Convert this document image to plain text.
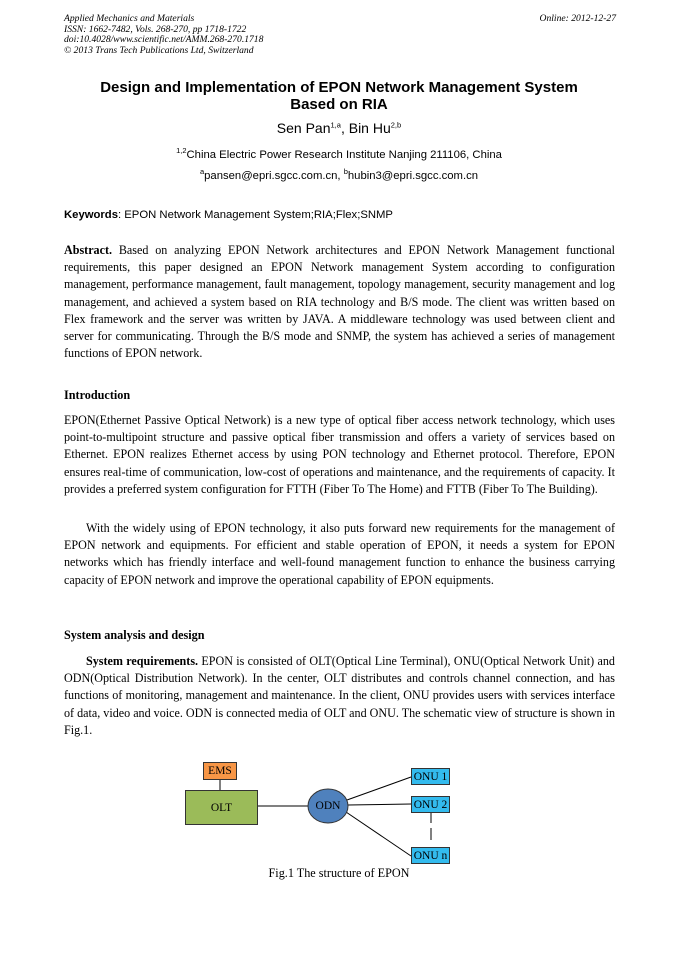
Applied Mechanics and Materials
ISSN: 1662-7482, Vols. 268-270, pp 1718-1722
doi:10.4028/www.scientific.net/AMM.268-270.1718
© 2013 Trans Tech Publications Ltd, Switzerland
Online: 2012-12-27
Design and Implementation of EPON Network Management System
Based on RIA
Sen Pan$^{1,a}$, Bin Hu$^{2,b}$
$^{1,2}$China Electric Power Research Institute Nanjing 211106, China
$^a$pansen@epri.sgcc.com.cn, $^b$hubin3@epri.sgcc.com.cn
Keywords: EPON Network Management System;RIA;Flex;SNMP

Abstract. Based on analyzing EPON Network architectures and EPON Network Management functional requirements, this paper designed an EPON Network management System according to configuration management, performance management, fault management, topology management, security management and log management, and achieved a system based on RIA technology and B/S mode. The client was written based on Flex framework and the server was written by JAVA. A middleware technology was used between client and server for communicating. Through the B/S mode and SNMP, the system has achieved a series of management functions of EPON network.

Introduction

EPON(Ethernet Passive Optical Network) is a new type of optical fiber access network technology, which uses point-to-multipoint structure and passive optical fiber transmission and offers a variety of services based on Ethernet. EPON realizes Ethernet access by using PON technology and Ethernet protocol. Therefore, EPON ensures real-time of communication, low-cost of operations and maintenance, and the requirements of capacity. It provides a preferred system configuration for FTTH (Fiber To The Home) and FTTB (Fiber To The Building).

With the widely using of EPON technology, it also puts forward new requirements for the management of EPON network and equipments. For efficient and stable operation of EPON, it needs a system for EPON networks which has friendly interface and well-found management function to enhance the business carrying capacity of EPON network and improve the operational capability of EPON equipments.

System analysis and design

System requirements. EPON is consisted of OLT(Optical Line Terminal), ONU(Optical Network Unit) and ODN(Optical Distribution Network). In the center, OLT distributes and controls channel connection, and has functions of monitoring, management and maintenance. In the client, ONU provides users with services interface of data, video and voice. ODN is connected media of OLT and ONU. The schematic view of structure is shown in Fig.1.

EMS
OLT	ODN
ONU 1
ONU 2
ONU n
Fig.1 The structure of EPON
